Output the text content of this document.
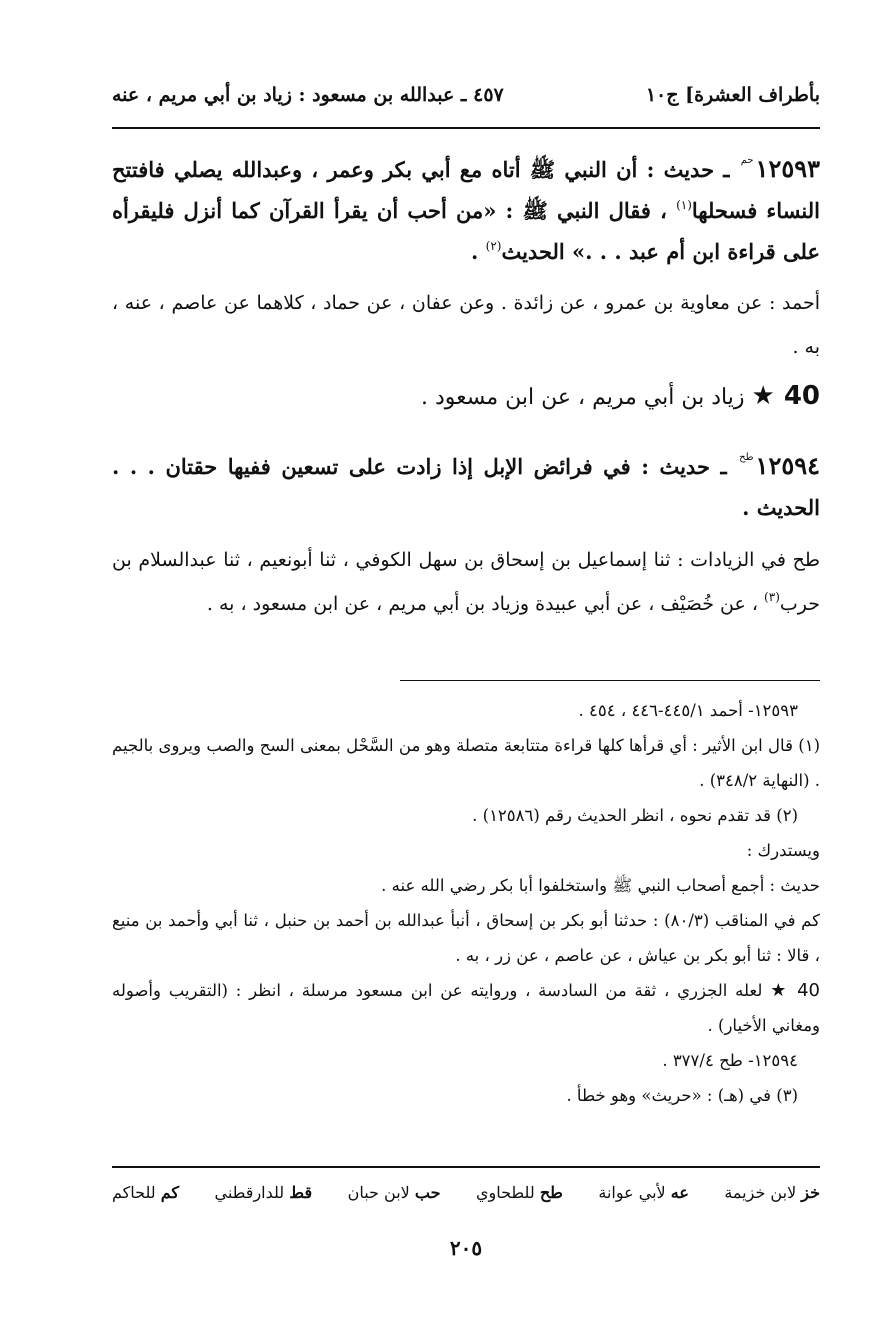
بأطراف العشرة] ج١٠
٤٥٧ ـ عبدالله بن مسعود : زياد بن أبي مريم ، عنه

$١٢٥٩٣^{حم}$ ـ حديث : أن النبي ﷺ أتاه مع أبي بكر وعمر ، وعبدالله يصلي فافتتح النساء فسحلها$^{(١)}$ ، فقال النبي ﷺ : «من أحب أن يقرأ القرآن كما أنزل فليقرأه على قراءة ابن أم عبد . . .» الحديث$^{(٢)}$ .

أحمد : عن معاوية بن عمرو ، عن زائدة . وعن عفان ، عن حماد ، كلاهما عن عاصم ، عنه ، به .

40 ★ زياد بن أبي مريم ، عن ابن مسعود .

$١٢٥٩٤^{طح}$ ـ حديث : في فرائض الإبل إذا زادت على تسعين ففيها حقتان . . . الحديث .

طح في الزيادات : ثنا إسماعيل بن إسحاق بن سهل الكوفي ، ثنا أبونعيم ، ثنا عبدالسلام بن حرب$^{(٣)}$ ، عن خُصَيْف ، عن أبي عبيدة وزياد بن أبي مريم ، عن ابن مسعود ، به .

١٢٥٩٣- أحمد ٤٤٥/١-٤٤٦ ، ٤٥٤ .

(١) قال ابن الأثير : أي قرأها كلها قراءة متتابعة متصلة وهو من السَّحْل بمعنى السح والصب ويروى بالجيم . (النهاية ٣٤٨/٢) .

(٢) قد تقدم نحوه ، انظر الحديث رقم (١٢٥٨٦) .

ويستدرك :

حديث : أجمع أصحاب النبي ﷺ واستخلفوا أبا بكر رضي الله عنه .

كم في المناقب (٨٠/٣) : حدثنا أبو بكر بن إسحاق ، أنبأ عبدالله بن أحمد بن حنبل ، ثنا أبي وأحمد بن منيع ، قالا : ثنا أبو بكر بن عياش ، عن عاصم ، عن زر ، به .

40 ★ لعله الجزري ، ثقة من السادسة ، وروايته عن ابن مسعود مرسلة ، انظر : (التقريب وأصوله ومغاني الأخيار) .

١٢٥٩٤- طح ٣٧٧/٤ .

(٣) في (هـ) : «حريث» وهو خطأ .

خز لابن خزيمة
عه لأبي عوانة
طح للطحاوي
حب لابن حبان
قط للدارقطني
كم للحاكم
٢٠٥
